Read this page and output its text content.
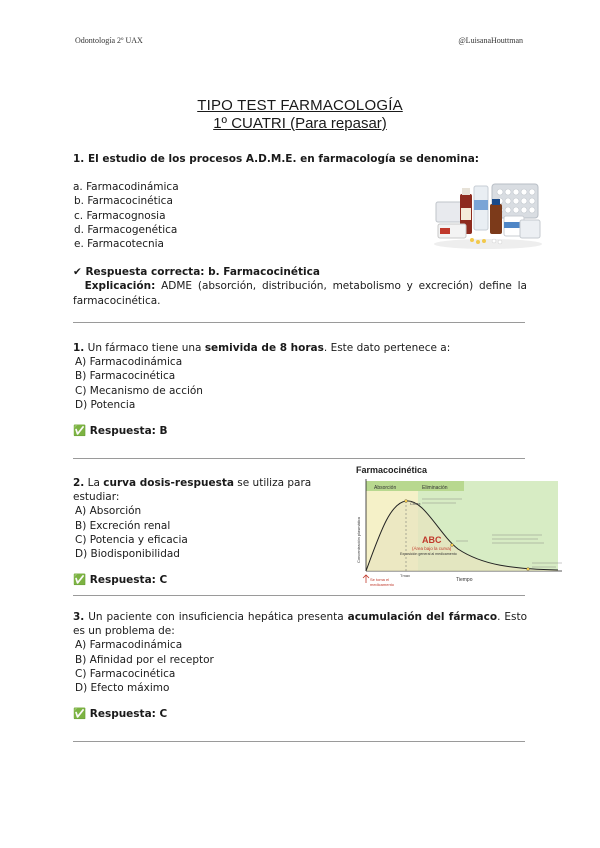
Odontología 2º UAX	@LuisanaHouttman
TIPO TEST FARMACOLOGÍA
1º CUATRI (Para repasar)
1. El estudio de los procesos A.D.M.E. en farmacología se denomina:
a. Farmacodinámica
b. Farmacocinética
c. Farmacognosia
d. Farmacogenética
e. Farmacotecnia
✔ Respuesta correcta: b. Farmacocinética
Explicación: ADME (absorción, distribución, metabolismo y excreción) define la farmacocinética.
1. Un fármaco tiene una semivida de 8 horas. Este dato pertenece a:
A) Farmacodinámica
B) Farmacocinética
C) Mecanismo de acción
D) Potencia
✅ Respuesta: B
2. La curva dosis-respuesta se utiliza para estudiar:
A) Absorción
B) Excreción renal
C) Potencia y eficacia
D) Biodisponibilidad
✅ Respuesta: C
Farmacocinética
Absorción	Eliminación
Cmax
Tmax
ABC
(Área bajo la curva)
Exposición general al medicamento
Concentración plasmática
Tiempo
Se toma el
medicamento
3. Un paciente con insuficiencia hepática presenta acumulación del fármaco. Esto es un problema de:
A) Farmacodinámica
B) Afinidad por el receptor
C) Farmacocinética
D) Efecto máximo
✅ Respuesta: C
